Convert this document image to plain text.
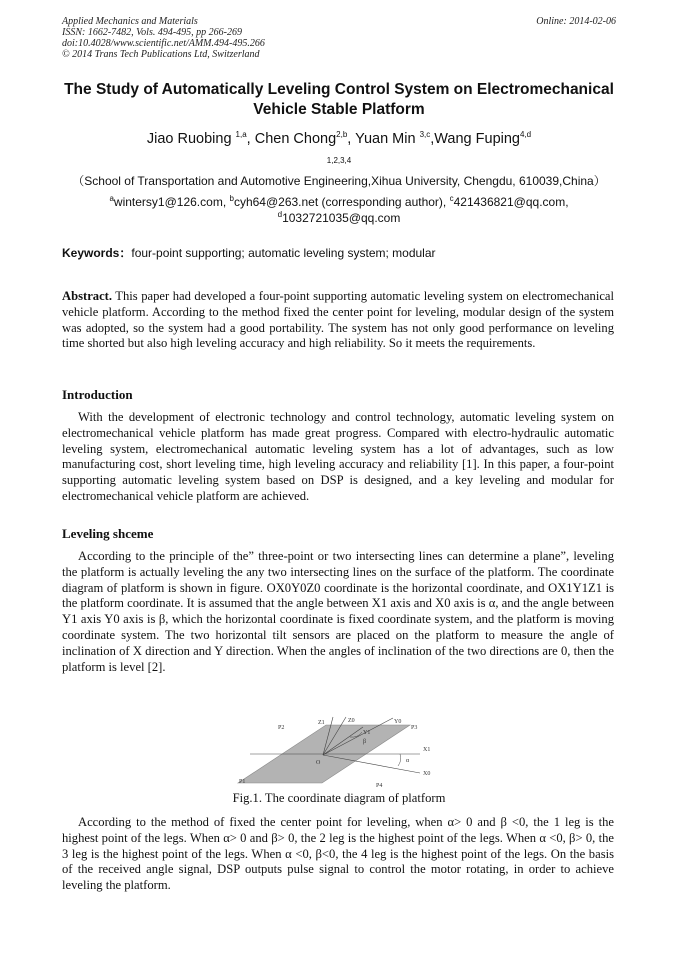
Applied Mechanics and Materials
ISSN: 1662-7482, Vols. 494-495, pp 266-269
doi:10.4028/www.scientific.net/AMM.494-495.266
© 2014 Trans Tech Publications Ltd, Switzerland
Online: 2014-02-06
The Study of Automatically Leveling Control System on Electromechanical Vehicle Stable Platform
Jiao Ruobing $^{1,a}$, Chen Chong$^{2,b}$, Yuan Min $^{3,c}$,Wang Fuping$^{4,d}$
$^{1,2,3,4}$（School of Transportation and Automotive Engineering,Xihua University, Chengdu, 610039,China）
$^a$wintersy1@126.com, $^b$cyh64@263.net (corresponding author), $^c$421436821@qq.com,
$^d$1032721035@qq.com
Keywords：four-point supporting; automatic leveling system; modular
Abstract. This paper had developed a four-point supporting automatic leveling system on electromechanical vehicle platform. According to the method fixed the center point for leveling, modular design of the system was adopted, so the system had a good portability. The system has not only good performance on leveling time shorted but also high leveling accuracy and high reliability. So it meets the requirements.
Introduction
With the development of electronic technology and control technology, automatic leveling system on electromechanical vehicle platform has made great progress. Compared with electro-hydraulic automatic leveling system, electromechanical automatic leveling system has a lot of advantages, such as low manufacturing cost, short leveling time, high leveling accuracy and reliability [1]. In this paper, a four-point supporting automatic leveling system based on DSP is designed, and a key leveling and modular for electromechanical vehicle platform are achieved.
Leveling shceme
According to the principle of the” three-point or two intersecting lines can determine a plane”, leveling the platform is actually leveling the any two intersecting lines on the surface of the platform. The coordinate diagram of platform is shown in figure. OX0Y0Z0 coordinate is the horizontal coordinate, and OX1Y1Z1 is the platform coordinate. It is assumed that the angle between X1 axis and X0 axis is α, and the angle between Y1 axis Y0 axis is β, which the horizontal coordinate is fixed coordinate system, and the platform is moving coordinate system. The two horizontal tilt sensors are placed on the platform to measure the angle of inclination of X direction and Y direction. When the angles of inclination of the two directions are 0, then the platform is level [2].
Z1	Z0
Y1
Y0
β
P2	P3
P1
P4
X1
X0
α
O
Fig.1. The coordinate diagram of platform
According to the method of fixed the center point for leveling, when α> 0 and β <0, the 1 leg is the highest point of the legs. When α> 0 and β> 0, the 2 leg is the highest point of the legs. When α <0, β> 0, the 3 leg is the highest point of the legs. When α <0, β<0, the 4 leg is the highest point of the legs. On the basis of the received angle signal, DSP outputs pulse signal to control the motor rotating, in order to achieve leveling the platform.
